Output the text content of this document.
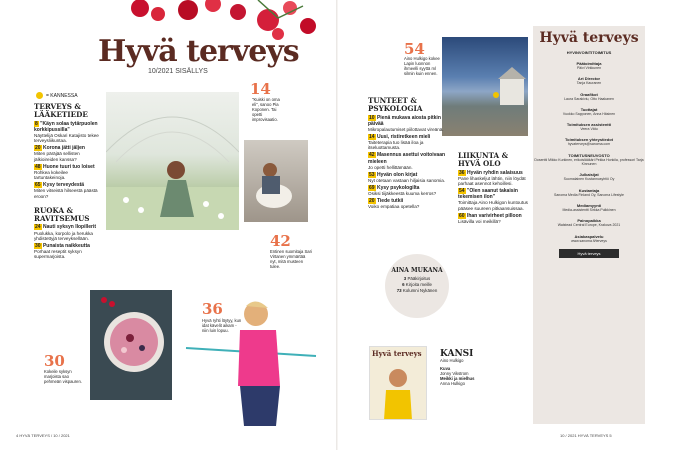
Hyvä terveys
10/2021 SISÄLLYS
= KANNESSA
TERVEYS & LÄÄKETIEDE
8 "Käyn solaa tytärpuolen korkkipussilla"
Näyttelijä Oskari Katajisto tekee terveysliikuntaa.
20 Korona jätti jäljen
Miten päräjää sellisten jälkioireiden kanssa?
48 Huone tuuri tuo loiset
Rohkea kokeilee tartuntakeinoja.
65 Kysy terveydestä
Miten vitseistä hilseestä päästä eroon?
RUOKA & RAVITSEMUS
24 Nauti syksyn Ilopillerit
Puolukka, korpolo ja herukka yhdistettyjä terveyksellään.
30 Punaista naikkeutta
Porhaat reseptit syksyn supermarjoista.
14
"Kuiski on oma eli", sanoo Pia Koponen. Tai opetti improvisaatio.
42
Entinen suomitaja Sari Virtanen ymmärtää nyt, mitä musteen tulee.
36
Hyvä ryhti löytyy, kun idat kävelit aikam - niin luin lopuu.
30
Kokeile syksyn marjoista sao pehmeän vispauren.
4 HYVÄ TERVEYS / 10 / 2021
54
Aino Hulkigo kokee Lapin luonnon ihmeelli syyttä ml silmin kuin ennen.
TUNTEET & PSYKOLOGIA
10 Pienä mukava aiosta pitkin päivää
Mikropalautumiset piilottavat vireänä.
14 Uusi, ristiretkeen mieli
Taiteterapia tuo lisää iloa ja itseluottamusta.
42 Masennus asettui voitoivaan mieleen
Jo opetti hellittämään.
53 Hyvän olon kirjat
Nyt otetaan vastaan hiljaisia sanomia.
69 Kysy psykologilta
Osiksi tiijäkkeestä kuuma kerros?
20 Tiede tutkii
Voiko empatiaa opetella?
LIIKUNTA & HYVÄ OLO
36 Hyvän ryhdin salaisuus
Pane lihaskeljut lähtin, niin löydät parhaat asennot kehoillesi.
54 "Olen saanut takaisin tekemisen ilon"
Toimittaja Aino Hulkigon kuntoutus pääsee suureen pitkaansuissaa.
60 Ihan varivirheet pilloon
Lisävilla voi meikillä?
AINA MUKANA
3 Pääkirjoitus
6 Kirjoita meille
73 Kolumni Nykänen
Hyvä terveys	KANSI
Aino Hulkigo
Kuva
Jonny Vikstrom
Meikki ja mielhus
Anna Hulkigo
Hyvä terveys
HYVINVOINTITOIMITUS
Päätoimittaja
Päivi Virkkunen
Art Director
Tanja Kauranen
Graafikot
Laura Sarakiviu, Otto Haakanen
Tuottajat
Vuokko Sapponen, Anna Häsinen
Toimituksen assistentti
Veera Vätu
Toimituksen yhteystiedot
hyvaterveys@sanoma.com
TOIMITUSNEUVOSTO
Dosentti Mikko Kurkinen, erikoislääkäri Pekka Honkila, professori Tarja Kinnunen
Julkaisijat
Suomalainen Kustannusyhtiö Oy
Kustantaja
Sanoma Media Finland Oy, Sanoma Lifestyle
Mediamyynti
Media-assistentti Sirkka Pulkkinen
Painopaikka
Walstead Central Europe, Krakova 2021
Asiakaspalvelu
www.sanoma.fi/terveys
Hyvä terveys
10 / 2021 HYVÄ TERVEYS 5
